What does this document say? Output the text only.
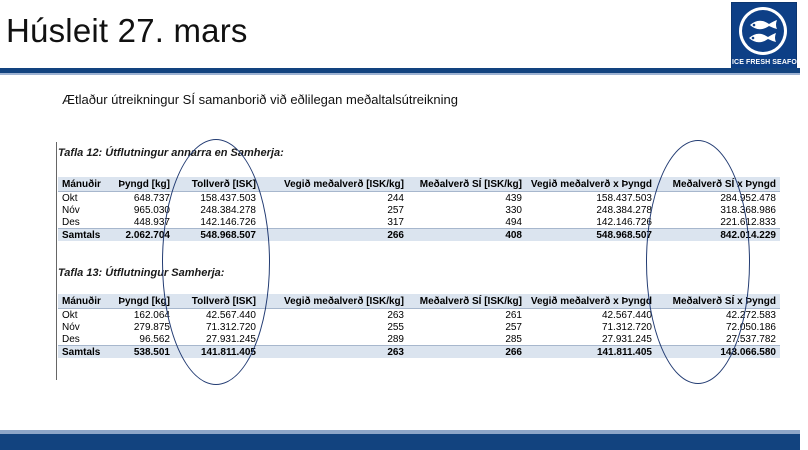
Húsleit 27. mars
ICE FRESH SEAFOOD
Ætlaður útreikningur SÍ samanborið við eðlilegan meðaltalsútreikning
Tafla 12: Útflutningur annarra en Samherja:
Mánuðir	Þyngd [kg]	Tollverð [ISK]	Vegið meðalverð [ISK/kg]	Meðalverð SÍ [ISK/kg]	Vegið meðalverð x Þyngd	Meðalverð SÍ x Þyngd
Okt	648.737	158.437.503	244	439	158.437.503	284.952.478
Nóv	965.030	248.384.278	257	330	248.384.278	318.368.986
Des	448.937	142.146.726	317	494	142.146.726	221.612.833
Samtals	2.062.704	548.968.507	266	408	548.968.507	842.014.229
Tafla 13: Útflutningur Samherja:
Mánuðir	Þyngd [kg]	Tollverð [ISK]	Vegið meðalverð [ISK/kg]	Meðalverð SÍ [ISK/kg]	Vegið meðalverð x Þyngd	Meðalverð SÍ x Þyngd
Okt	162.064	42.567.440	263	261	42.567.440	42.272.583
Nóv	279.875	71.312.720	255	257	71.312.720	72.050.186
Des	96.562	27.931.245	289	285	27.931.245	27.537.782
Samtals	538.501	141.811.405	263	266	141.811.405	143.066.580
